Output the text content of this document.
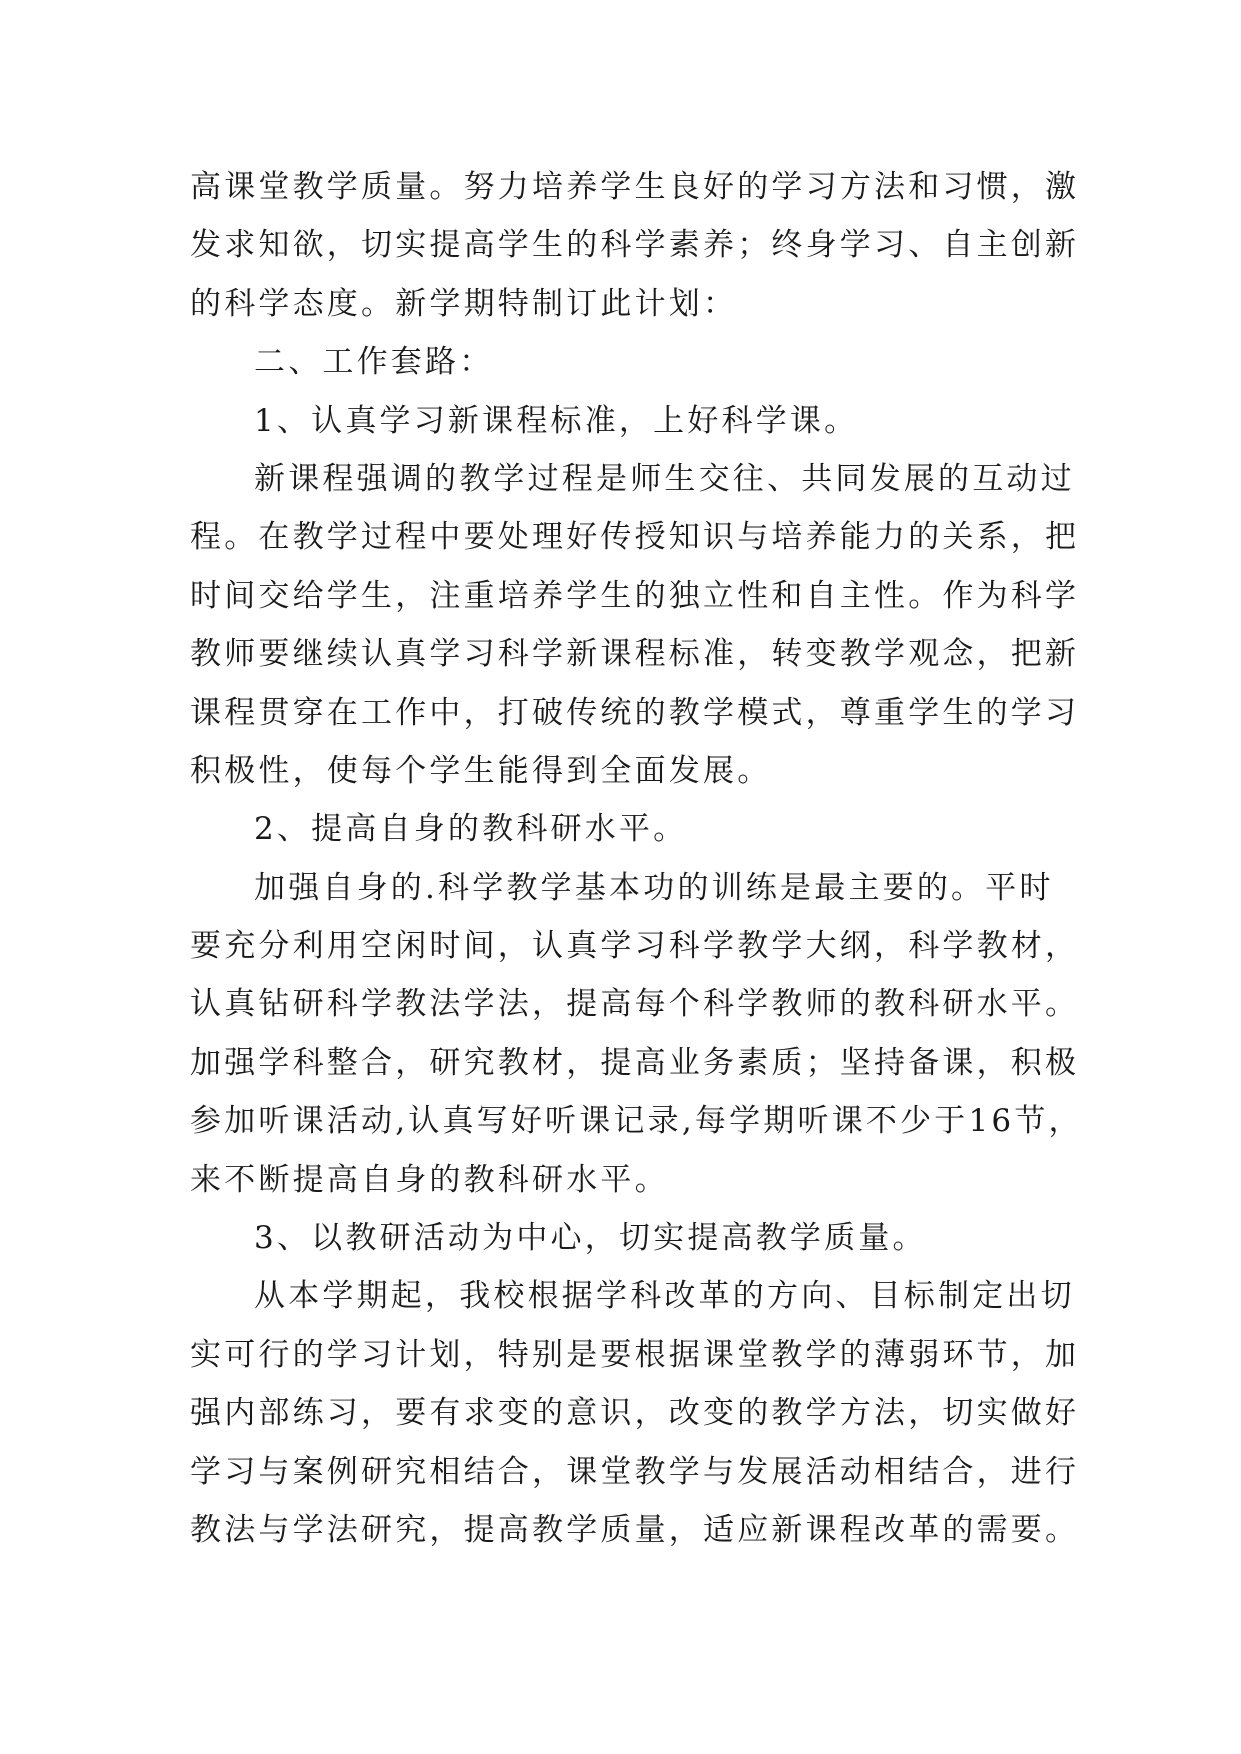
高课堂教学质量。努力培养学生良好的学习方法和习惯，激
发求知欲，切实提高学生的科学素养；终身学习、自主创新
的科学态度。新学期特制订此计划：
二、工作套路：
1、认真学习新课程标准，上好科学课。
新课程强调的教学过程是师生交往、共同发展的互动过
程。在教学过程中要处理好传授知识与培养能力的关系，把
时间交给学生，注重培养学生的独立性和自主性。作为科学
教师要继续认真学习科学新课程标准，转变教学观念，把新
课程贯穿在工作中，打破传统的教学模式，尊重学生的学习
积极性，使每个学生能得到全面发展。
2、提高自身的教科研水平。
加强自身的.科学教学基本功的训练是最主要的。平时
要充分利用空闲时间，认真学习科学教学大纲，科学教材，
认真钻研科学教法学法，提高每个科学教师的教科研水平。
加强学科整合，研究教材，提高业务素质；坚持备课，积极
参加听课活动,认真写好听课记录,每学期听课不少于16节，
来不断提高自身的教科研水平。
3、以教研活动为中心，切实提高教学质量。
从本学期起，我校根据学科改革的方向、目标制定出切
实可行的学习计划，特别是要根据课堂教学的薄弱环节，加
强内部练习，要有求变的意识，改变的教学方法，切实做好
学习与案例研究相结合，课堂教学与发展活动相结合，进行
教法与学法研究，提高教学质量，适应新课程改革的需要。
